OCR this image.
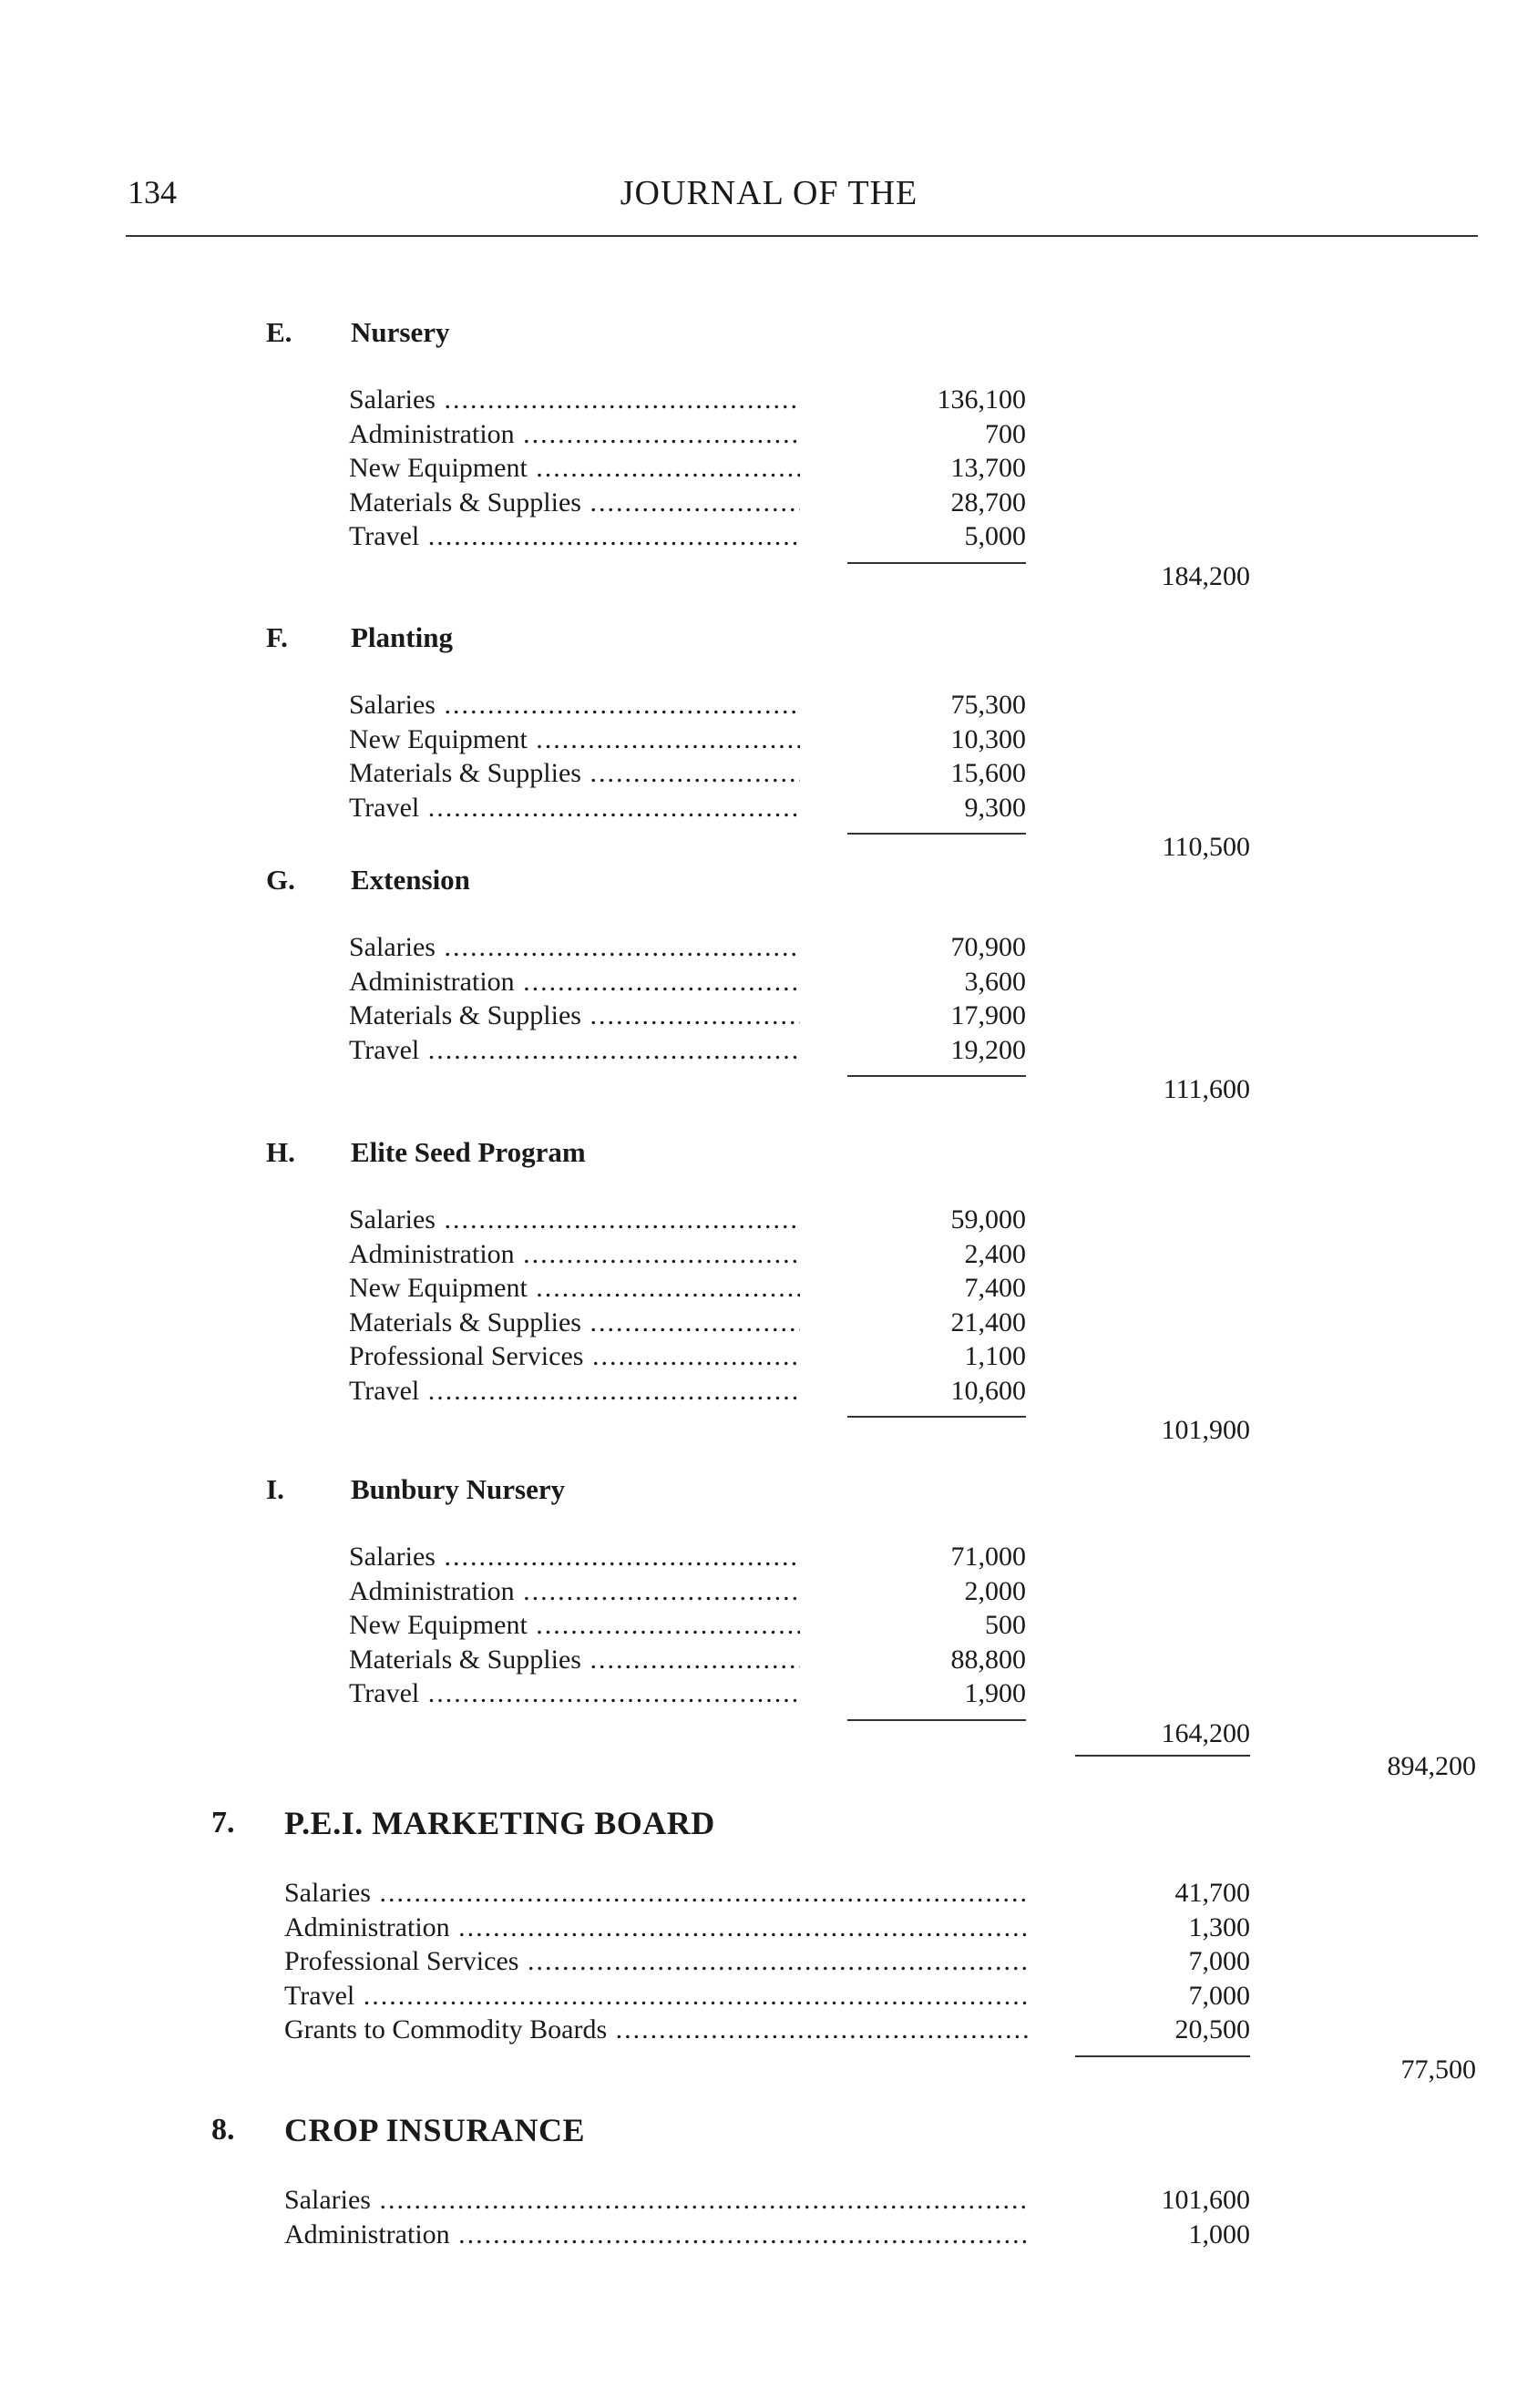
134	JOURNAL OF THE
E. Nursery
Salaries .....	136,100
Administration .....	700
New Equipment .....	13,700
Materials & Supplies .....	28,700
Travel .....	5,000
184,200
F. Planting
Salaries .....	75,300
New Equipment .....	10,300
Materials & Supplies .....	15,600
Travel .....	9,300
110,500
G. Extension
Salaries .....	70,900
Administration .....	3,600
Materials & Supplies .....	17,900
Travel .....	19,200
111,600
H. Elite Seed Program
Salaries .....	59,000
Administration .....	2,400
New Equipment .....	7,400
Materials & Supplies .....	21,400
Professional Services .....	1,100
Travel .....	10,600
101,900
I. Bunbury Nursery
Salaries .....	71,000
Administration .....	2,000
New Equipment .....	500
Materials & Supplies .....	88,800
Travel .....	1,900
164,200
894,200
7. P.E.I. MARKETING BOARD
Salaries .....	41,700
Administration .....	1,300
Professional Services .....	7,000
Travel .....	7,000
Grants to Commodity Boards .....	20,500
77,500
8. CROP INSURANCE
Salaries .....	101,600
Administration .....	1,000
